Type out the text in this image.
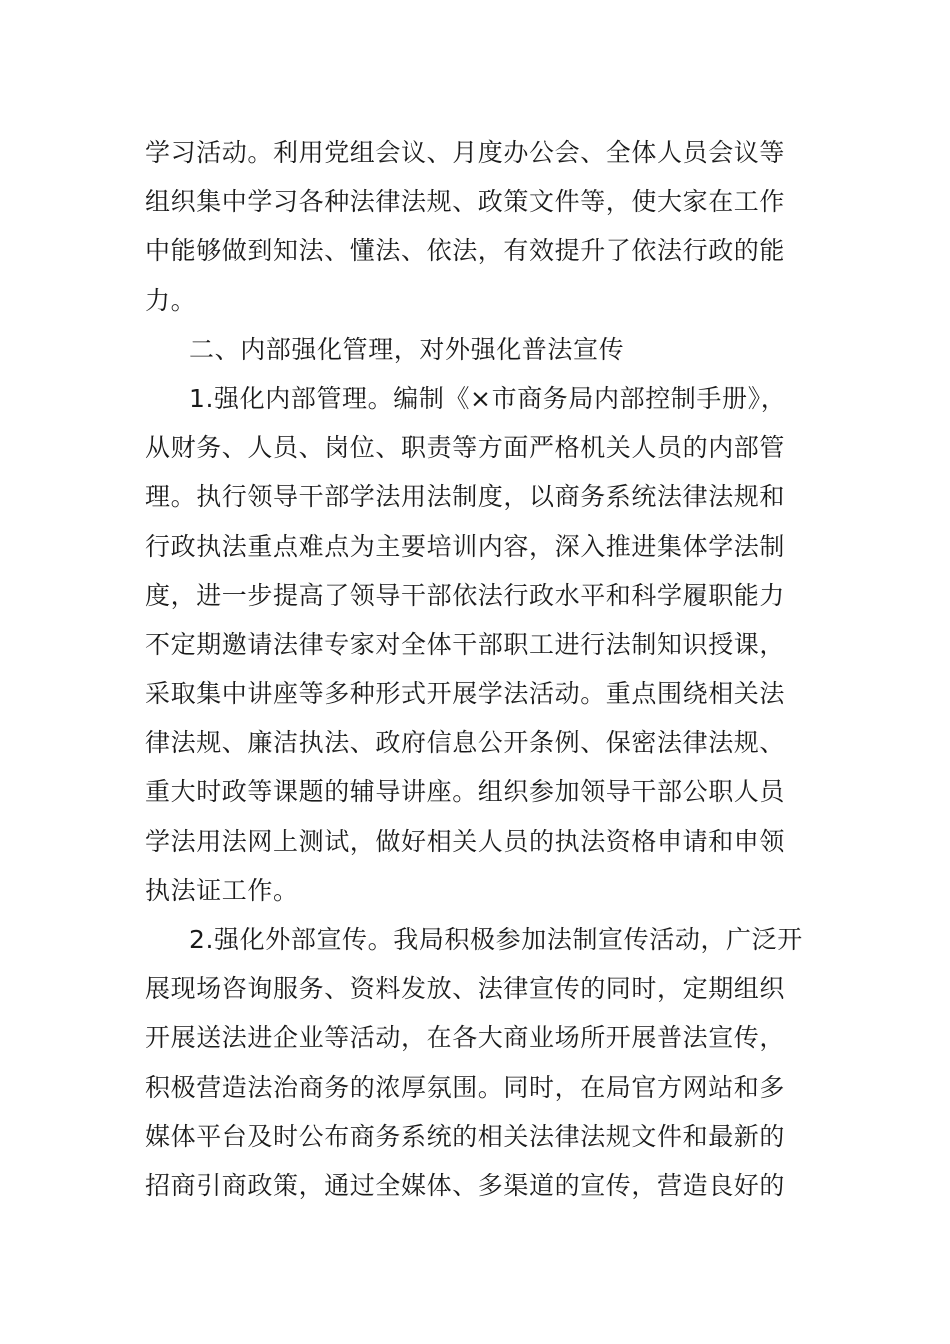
学习活动。利用党组会议、月度办公会、全体人员会议等
组织集中学习各种法律法规、政策文件等，使大家在工作
中能够做到知法、懂法、依法，有效提升了依法行政的能
力。
二、内部强化管理，对外强化普法宣传
1.强化内部管理。编制《×市商务局内部控制手册》，
从财务、人员、岗位、职责等方面严格机关人员的内部管
理。执行领导干部学法用法制度，以商务系统法律法规和
行政执法重点难点为主要培训内容，深入推进集体学法制
度，进一步提高了领导干部依法行政水平和科学履职能力
不定期邀请法律专家对全体干部职工进行法制知识授课，
采取集中讲座等多种形式开展学法活动。重点围绕相关法
律法规、廉洁执法、政府信息公开条例、保密法律法规、
重大时政等课题的辅导讲座。组织参加领导干部公职人员
学法用法网上测试，做好相关人员的执法资格申请和申领
执法证工作。
2.强化外部宣传。我局积极参加法制宣传活动，广泛开
展现场咨询服务、资料发放、法律宣传的同时，定期组织
开展送法进企业等活动，在各大商业场所开展普法宣传，
积极营造法治商务的浓厚氛围。同时，在局官方网站和多
媒体平台及时公布商务系统的相关法律法规文件和最新的
招商引商政策，通过全媒体、多渠道的宣传，营造良好的
